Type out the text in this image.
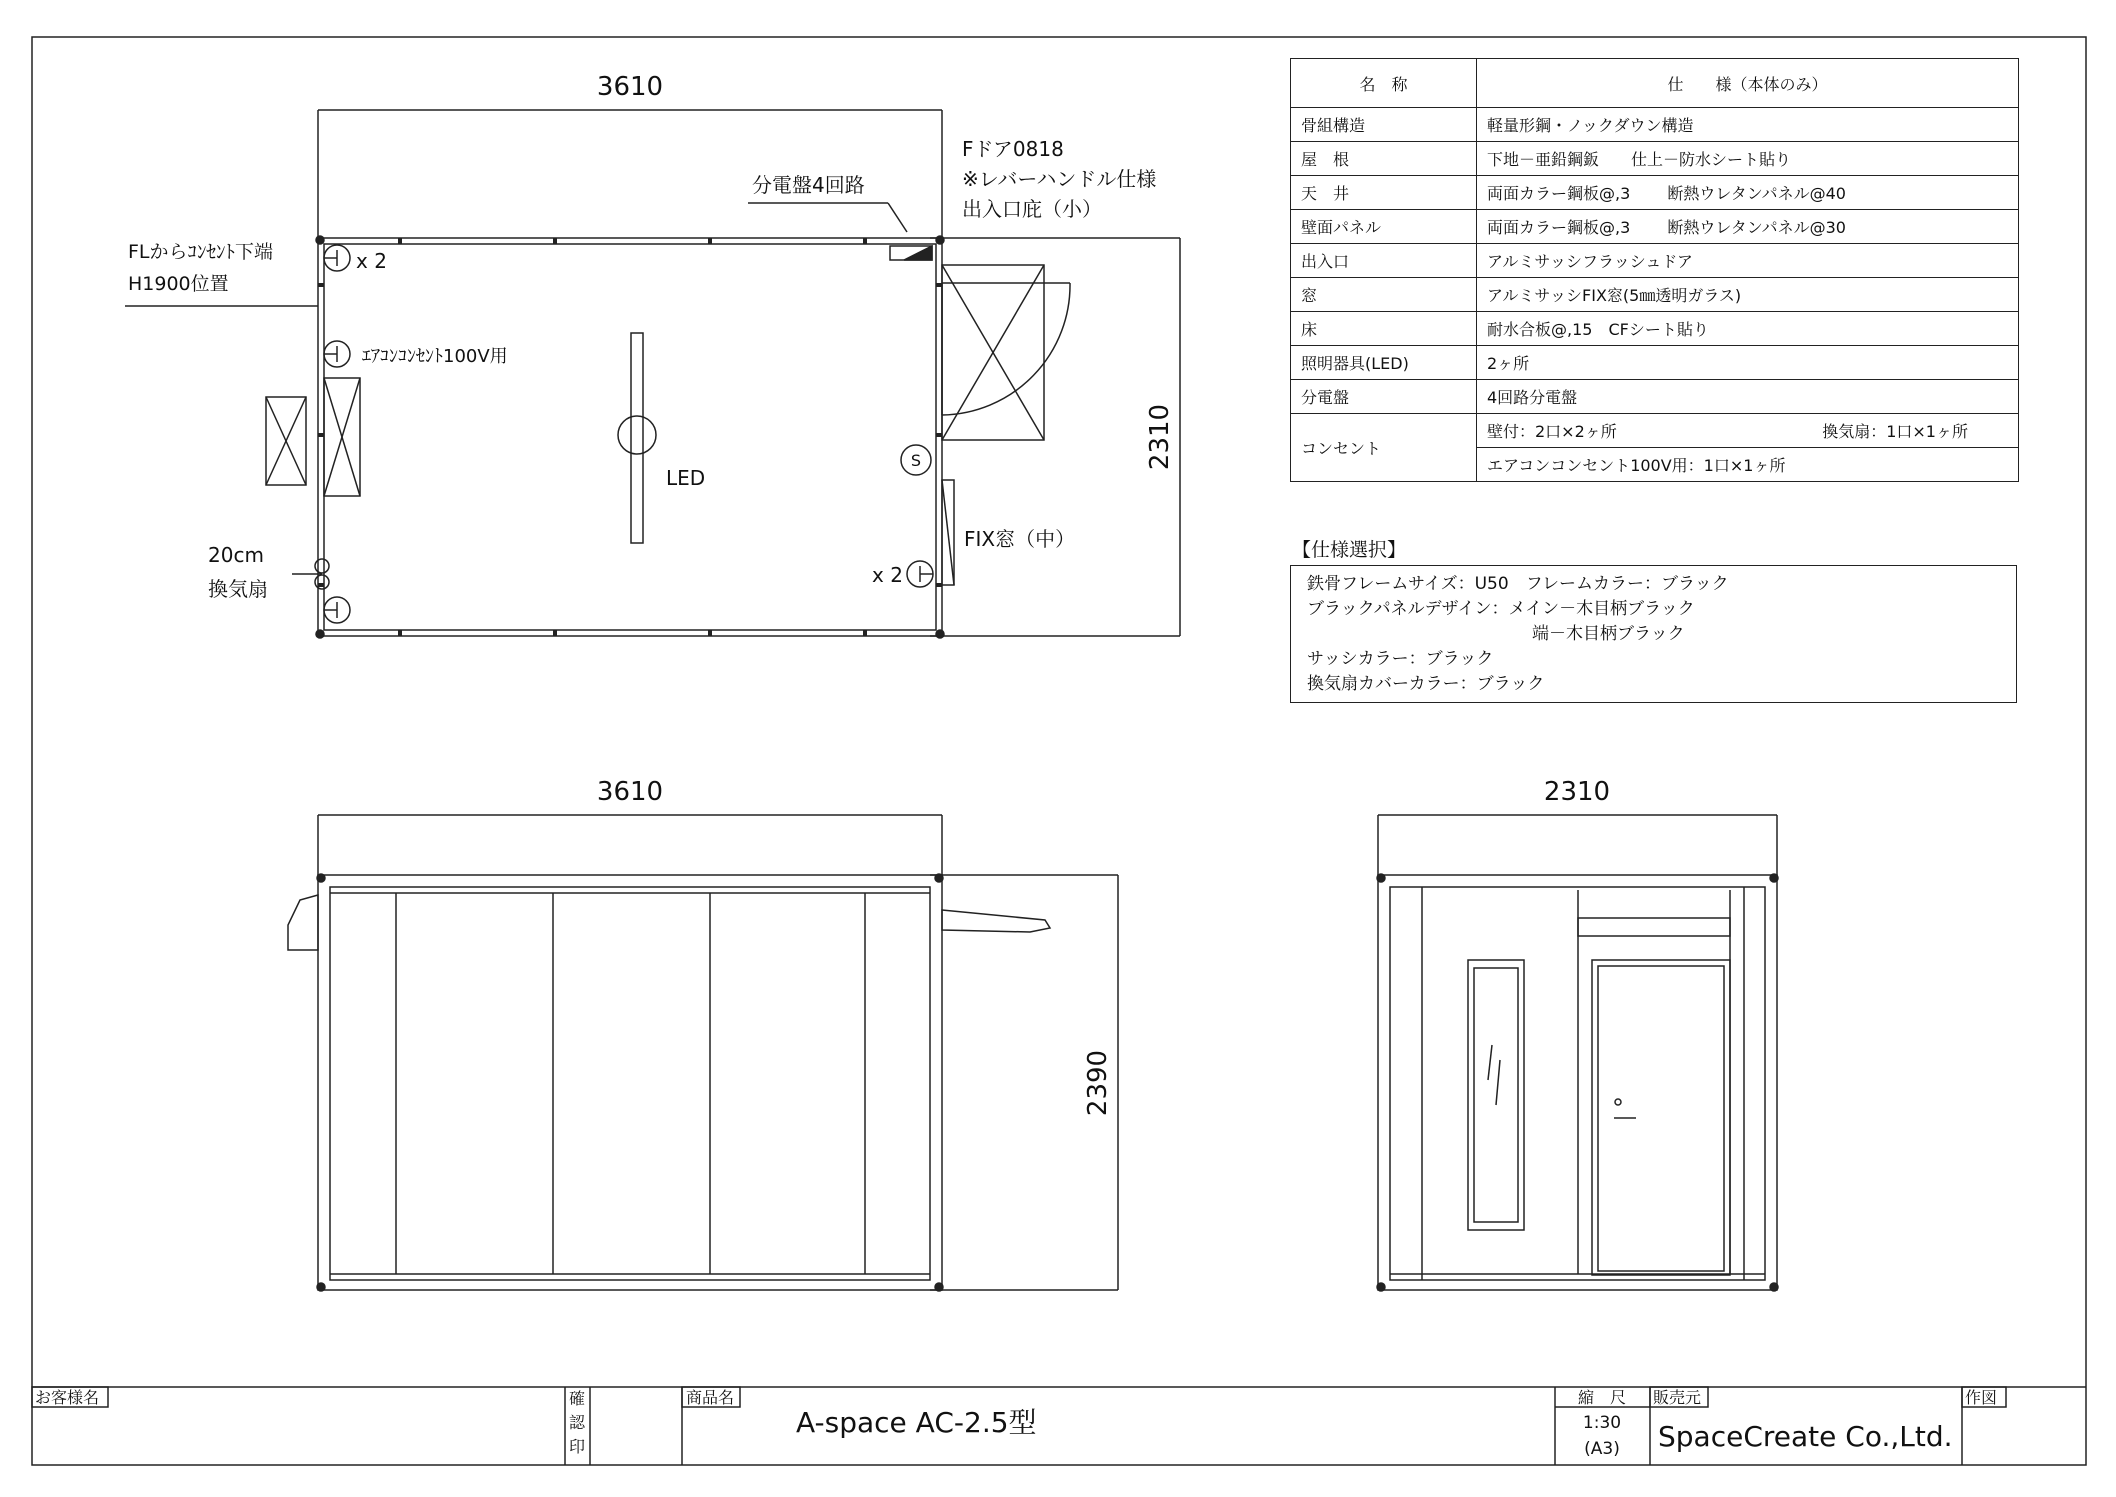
3610
2310
Fドア0818
※レバーハンドル仕様
出入口庇（小）
分電盤4回路
FLからｺﾝｾﾝﾄ下端
H1900位置
x 2
ｴｱｺﾝｺﾝｾﾝﾄ100V用
LED
S
FIX窓（中）
x 2
20cm
換気扇
3610
2390
2310
お客様名	確
認
印
商品名
A-space AC-2.5型
縮　尺
1:30
(A3)
販売元
SpaceCreate Co.,Ltd.
作図
名　称	仕　　様（本体のみ）
骨組構造	軽量形鋼・ノックダウン構造
屋　根	下地－亜鉛鋼鈑　　仕上－防水シート貼り
天　井	両面カラー鋼板@,3　　 断熱ウレタンパネル@40
壁面パネル	両面カラー鋼板@,3　　 断熱ウレタンパネル@30
出入口	アルミサッシフラッシュドア
窓	アルミサッシFIX窓(5㎜透明ガラス)
床	耐水合板@,15　CFシート貼り
照明器具(LED)	2ヶ所
分電盤	4回路分電盤
コンセント	壁付：2口×2ヶ所 換気扇：1口×1ヶ所

	エアコンコンセント100V用：1口×1ヶ所
【仕様選択】
鉄骨フレームサイズ：U50　フレームカラー：ブラック
ブラックパネルデザイン：メイン－木目柄ブラック
端－木目柄ブラック
サッシカラー：ブラック
換気扇カバーカラー：ブラック
